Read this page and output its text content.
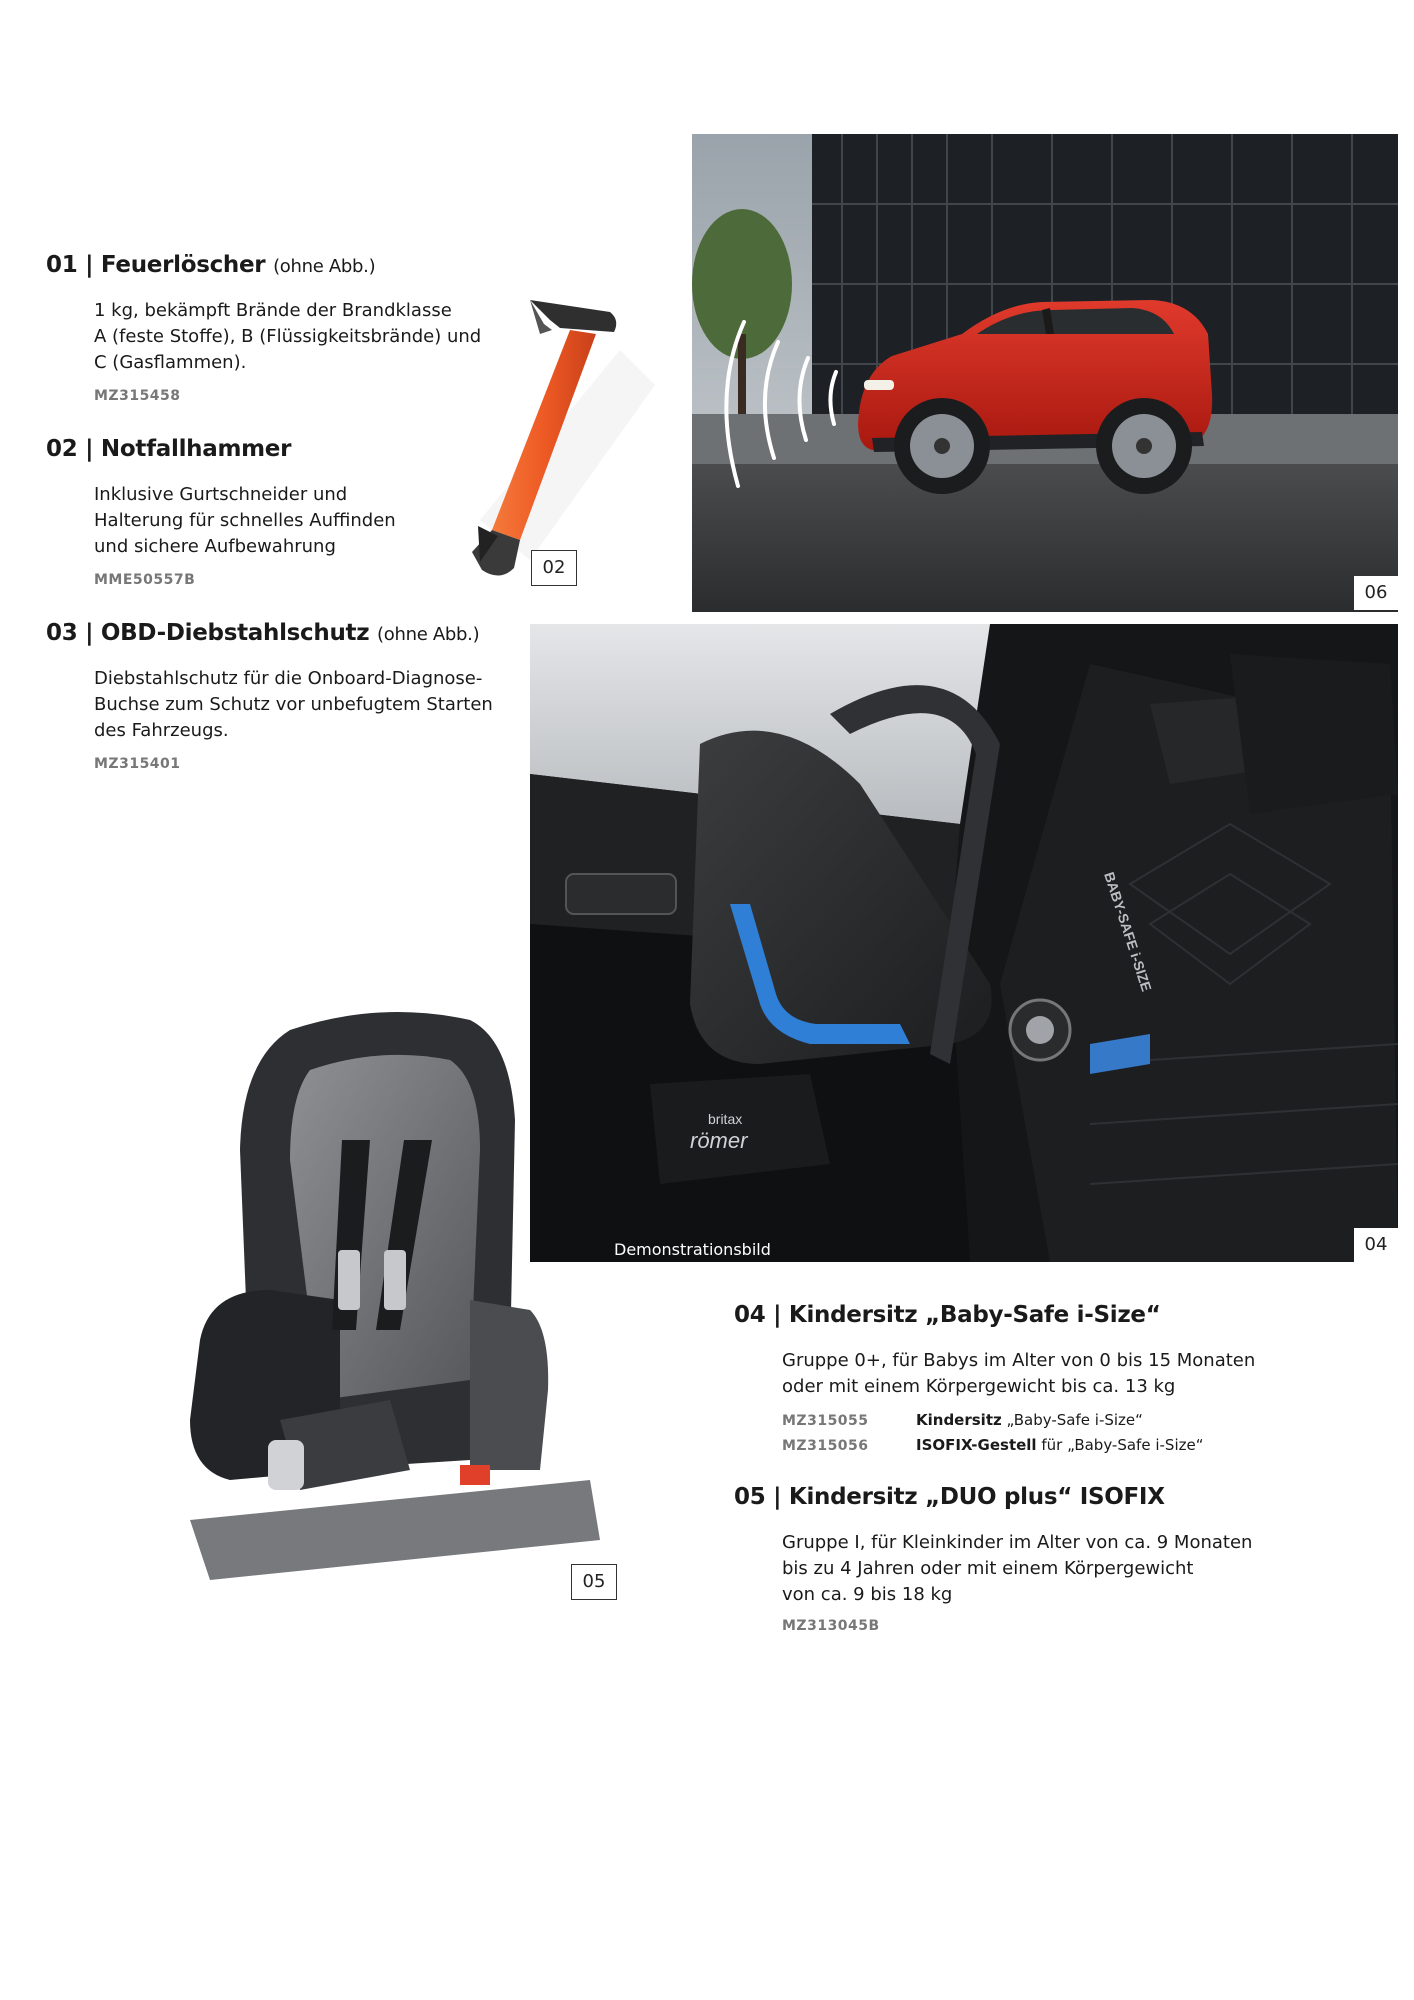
01 | Feuerlöscher (ohne Abb.)
1 kg, bekämpft Brände der Brandklasse
A (feste Stoffe), B (Flüssigkeitsbrände) und
C (Gasflammen).
MZ315458
02 | Notfallhammer
Inklusive Gurtschneider und
Halterung für schnelles Auffinden
und sichere Aufbewahrung
MME50557B
03 | OBD-Diebstahlschutz (ohne Abb.)
Diebstahlschutz für die Onboard-Diagnose-
Buchse zum Schutz vor unbefugtem Starten
des Fahrzeugs.
MZ315401
02
06
britax
römer
BABY-SAFE i-SIZE
Demonstrationsbild	04
05
04 | Kindersitz „Baby-Safe i-Size“
Gruppe 0+, für Babys im Alter von 0 bis 15 Monaten
oder mit einem Körpergewicht bis ca. 13 kg
MZ315055	Kindersitz „Baby-Safe i-Size“
MZ315056	ISOFIX-Gestell für „Baby-Safe i-Size“
05 | Kindersitz „DUO plus“ ISOFIX
Gruppe I, für Kleinkinder im Alter von ca. 9 Monaten
bis zu 4 Jahren oder mit einem Körpergewicht
von ca. 9 bis 18 kg
MZ313045B
